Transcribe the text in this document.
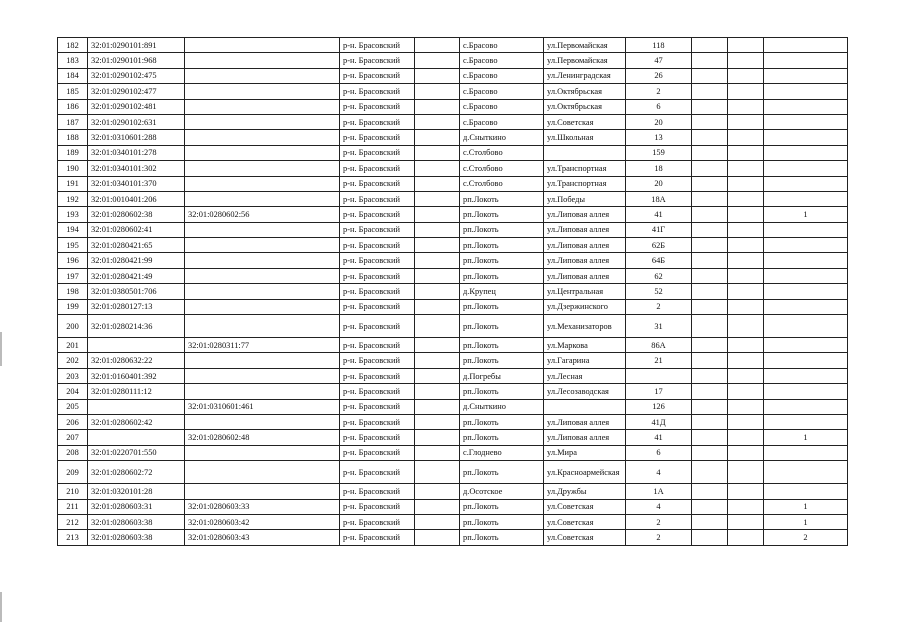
182	32:01:0290101:891		р-н. Брасовский		с.Брасово	ул.Первомайская	118			
183	32:01:0290101:968		р-н. Брасовский		с.Брасово	ул.Первомайская	47			
184	32:01:0290102:475		р-н. Брасовский		с.Брасово	ул.Ленинградская	26			
185	32:01:0290102:477		р-н. Брасовский		с.Брасово	ул.Октябрьская	2			
186	32:01:0290102:481		р-н. Брасовский		с.Брасово	ул.Октябрьская	6			
187	32:01:0290102:631		р-н. Брасовский		с.Брасово	ул.Советская	20			
188	32:01:0310601:288		р-н. Брасовский		д.Сныткино	ул.Школьная	13			
189	32:01:0340101:278		р-н. Брасовский		с.Столбово		159			
190	32:01:0340101:302		р-н. Брасовский		с.Столбово	ул.Транспортная	18			
191	32:01:0340101:370		р-н. Брасовский		с.Столбово	ул.Транспортная	20			
192	32:01:0010401:206		р-н. Брасовский		рп.Локоть	ул.Победы	18А			
193	32:01:0280602:38	32:01:0280602:56	р-н. Брасовский		рп.Локоть	ул.Липовая аллея	41			1
194	32:01:0280602:41		р-н. Брасовский		рп.Локоть	ул.Липовая аллея	41Г			
195	32:01:0280421:65		р-н. Брасовский		рп.Локоть	ул.Липовая аллея	62Б			
196	32:01:0280421:99		р-н. Брасовский		рп.Локоть	ул.Липовая аллея	64Б			
197	32:01:0280421:49		р-н. Брасовский		рп.Локоть	ул.Липовая аллея	62			
198	32:01:0380501:706		р-н. Брасовский		д.Крупец	ул.Центральная	52			
199	32:01:0280127:13		р-н. Брасовский		рп.Локоть	ул.Дзержинского	2			
200	32:01:0280214:36		р-н. Брасовский		рп.Локоть	ул.Механизаторов	31			
201		32:01:0280311:77	р-н. Брасовский		рп.Локоть	ул.Маркова	86А			
202	32:01:0280632:22		р-н. Брасовский		рп.Локоть	ул.Гагарина	21			
203	32:01:0160401:392		р-н. Брасовский		д.Погребы	ул.Лесная				
204	32:01:0280111:12		р-н. Брасовский		рп.Локоть	ул.Лесозаводская	17			
205		32:01:0310601:461	р-н. Брасовский		д.Сныткино		126			
206	32:01:0280602:42		р-н. Брасовский		рп.Локоть	ул.Липовая аллея	41Д			
207		32:01:0280602:48	р-н. Брасовский		рп.Локоть	ул.Липовая аллея	41			1
208	32:01:0220701:550		р-н. Брасовский		с.Глоднево	ул.Мира	6			
209	32:01:0280602:72		р-н. Брасовский		рп.Локоть	ул.Красноармейская	4			
210	32:01:0320101:28		р-н. Брасовский		д.Осотское	ул.Дружбы	1А			
211	32:01:0280603:31	32:01:0280603:33	р-н. Брасовский		рп.Локоть	ул.Советская	4			1
212	32:01:0280603:38	32:01:0280603:42	р-н. Брасовский		рп.Локоть	ул.Советская	2			1
213	32:01:0280603:38	32:01:0280603:43	р-н. Брасовский		рп.Локоть	ул.Советская	2			2
